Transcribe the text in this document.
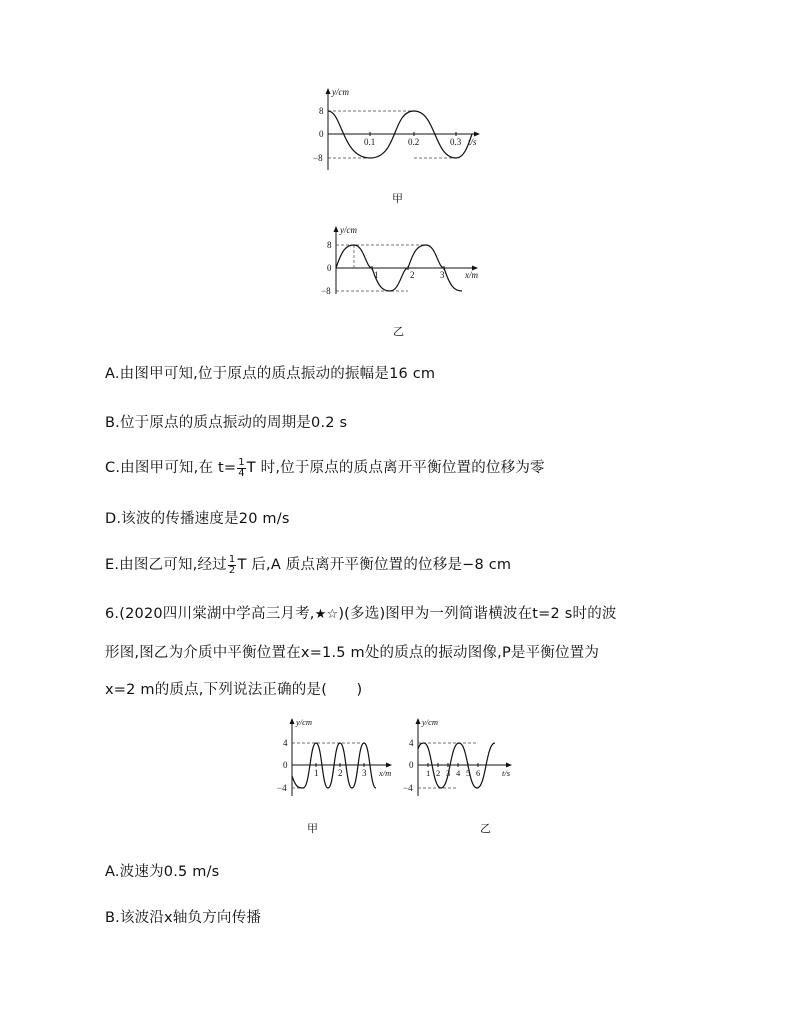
y/cm
t/s
8
0
−8
0.1	0.2	0.3
甲
y/cm
x/m
8
0
−8
1	2	3
乙
A.由图甲可知,位于原点的质点振动的振幅是16 cm
B.位于原点的质点振动的周期是0.2 s
C.由图甲可知,在 $t= \frac{1}{4}$ T 时,位于原点的质点离开平衡位置的位移为零
D.该波的传播速度是20 m/s
E.由图乙可知,经过 $\frac{1}{2}$ T 后,A 质点离开平衡位置的位移是−8 cm
6.(2020四川棠湖中学高三月考,★☆)(多选)图甲为一列简谐横波在t=2 s时的波
形图,图乙为介质中平衡位置在x=1.5 m处的质点的振动图像,P是平衡位置为
x=2 m的质点,下列说法正确的是(　　)
y/cm
x/m
4
0
−4
1 2 3
甲
y/cm
t/s
4
0
−4
1 2 3 4 5 6
乙
A.波速为0.5 m/s
B.该波沿x轴负方向传播
